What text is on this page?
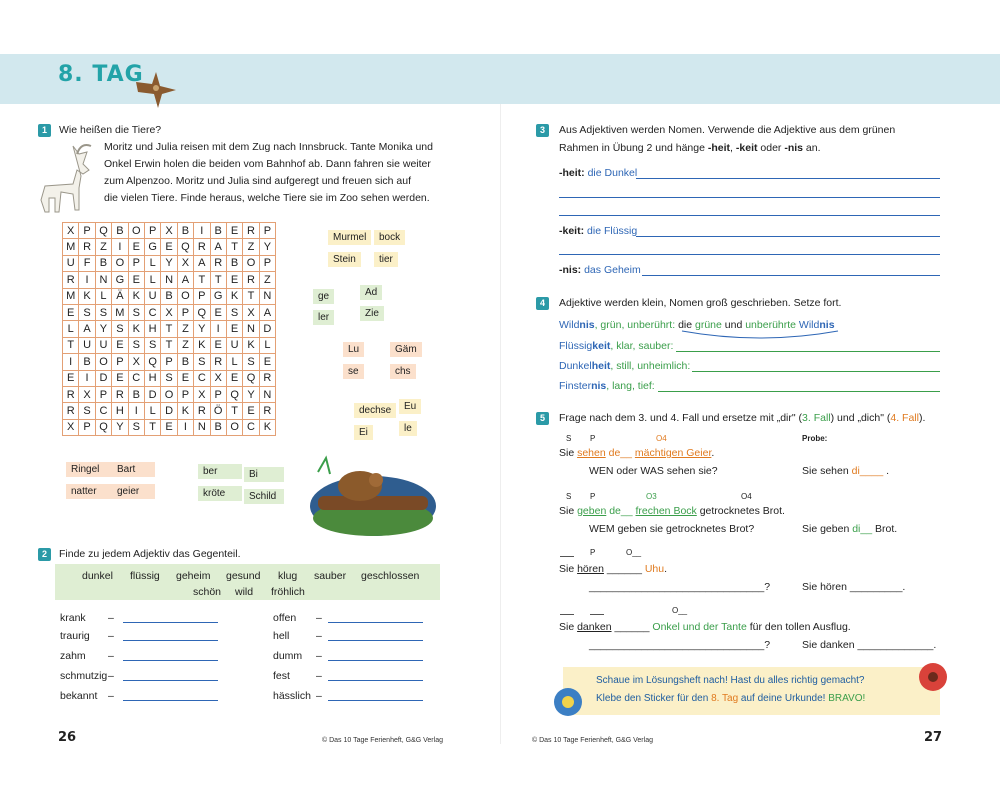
8. TAG
1	Wie heißen die Tiere?
Moritz und Julia reisen mit dem Zug nach Innsbruck. Tante Monika und
Onkel Erwin holen die beiden vom Bahnhof ab. Dann fahren sie weiter
zum Alpenzoo. Moritz und Julia sind aufgeregt und freuen sich auf
die vielen Tiere. Finde heraus, welche Tiere sie im Zoo sehen werden.
X	P	Q	B	O	P	X	B	I	B	E	R	P
M	R	Z	I	E	G	E	Q	R	A	T	Z	Y
U	F	B	O	P	L	Y	X	A	R	B	O	P
R	I	N	G	E	L	N	A	T	T	E	R	Z
M	K	L	Ä	K	U	B	O	P	G	K	T	N
E	S	S	M	S	C	X	P	Q	E	S	X	A
L	A	Y	S	K	H	T	Z	Y	I	E	N	D
T	U	U	E	S	S	T	Z	K	E	U	K	L
I	B	O	P	X	Q	P	B	S	R	L	S	E
E	I	D	E	C	H	S	E	C	X	E	Q	R
R	X	P	R	B	D	O	P	X	P	Q	Y	N
R	S	C	H	I	L	D	K	R	Ö	T	E	R
X	P	Q	Y	S	T	E	I	N	B	O	C	K
Murmel	bock
Stein	tier
ge	Ad
ler	Zie
Lu	Gäm
se	chs
dechse	Eu
Ei	le
Ringel	Bart
natter	geier
ber	Bi
kröte	Schild
2	Finde zu jedem Adjektiv das Gegenteil.
dunkel flüssig geheim gesund klug sauber geschlossen
schön wild fröhlich
krank –	offen –
traurig –	hell	–
zahm –	dumm –
schmutzig –	fest –
bekannt –	hässlich –
26	© Das 10 Tage Ferienheft, G&G Verlag
3	Aus Adjektiven werden Nomen. Verwende die Adjektive aus dem grünen
Rahmen in Übung 2 und hänge -heit, -keit oder -nis an.
-heit: die Dunkel
-keit: die Flüssig
-nis: das Geheim
4	Adjektive werden klein, Nomen groß geschrieben. Setze fort.
Wildnis, grün, unberührt: die grüne und unberührte Wildnis
Flüssigkeit, klar, sauber:
Dunkelheit, still, unheimlich:
Finsternis, lang, tief:
5	Frage nach dem 3. und 4. Fall und ersetze mit „dir" (3. Fall) und „dich" (4. Fall).
S P	O4	Probe:
Sie sehen de__ mächtigen Geier.
WEN oder WAS sehen sie?	Sie sehen di____ .
S P	O3	O4
Sie geben de__ frechen Bock getrocknetes Brot.
WEM geben sie getrocknetes Brot?	Sie geben di__ Brot.
P	O__
Sie hören ______ Uhu.
______________________________?	Sie hören _________.
O__
Sie danken ______ Onkel und der Tante für den tollen Ausflug.
______________________________?	Sie danken _____________.
Schaue im Lösungsheft nach! Hast du alles richtig gemacht?
Klebe den Sticker für den 8. Tag auf deine Urkunde! BRAVO!
© Das 10 Tage Ferienheft, G&G Verlag	27
